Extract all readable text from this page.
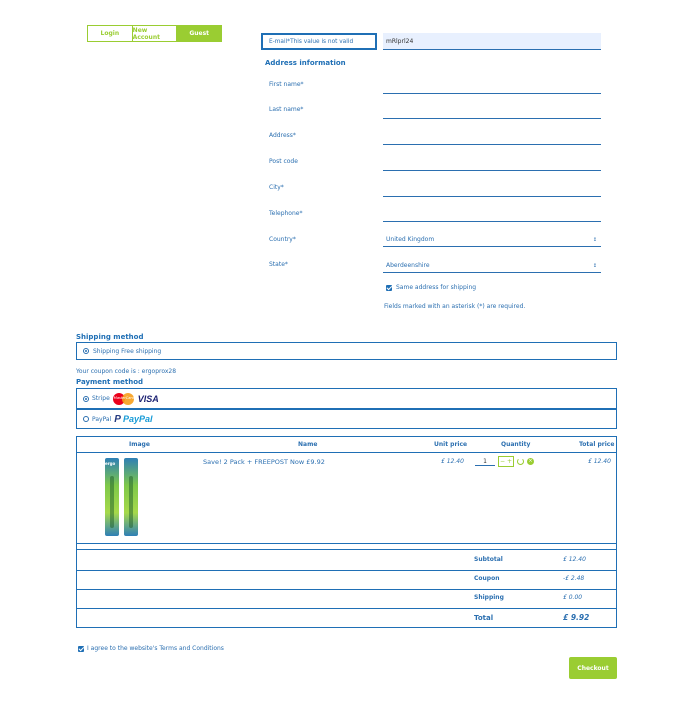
Login	New Account	Guest
E-mail*This value is not valid
mRlprl24
Address information
First name*
Last name*
Address*
Post code
City*
Telephone*
Country*	United Kingdom	↕
State*	Aberdeenshire	↕
Same address for shipping
Fields marked with an asterisk (*) are required.
Shipping method
Shipping Free shipping
Your coupon code is : ergoprox28
Payment method
Stripe MasterCard VISA
PayPal P PayPal
Image	Name	Unit price	Quantity	Total price
ergo	Save! 2 Pack + FREEPOST Now £9.92	£ 12.40	1	− +	×	£ 12.40
Subtotal	£ 12.40
Coupon	-£ 2.48
Shipping	£ 0.00
Total	£ 9.92
I agree to the website's Terms and Conditions
Checkout
